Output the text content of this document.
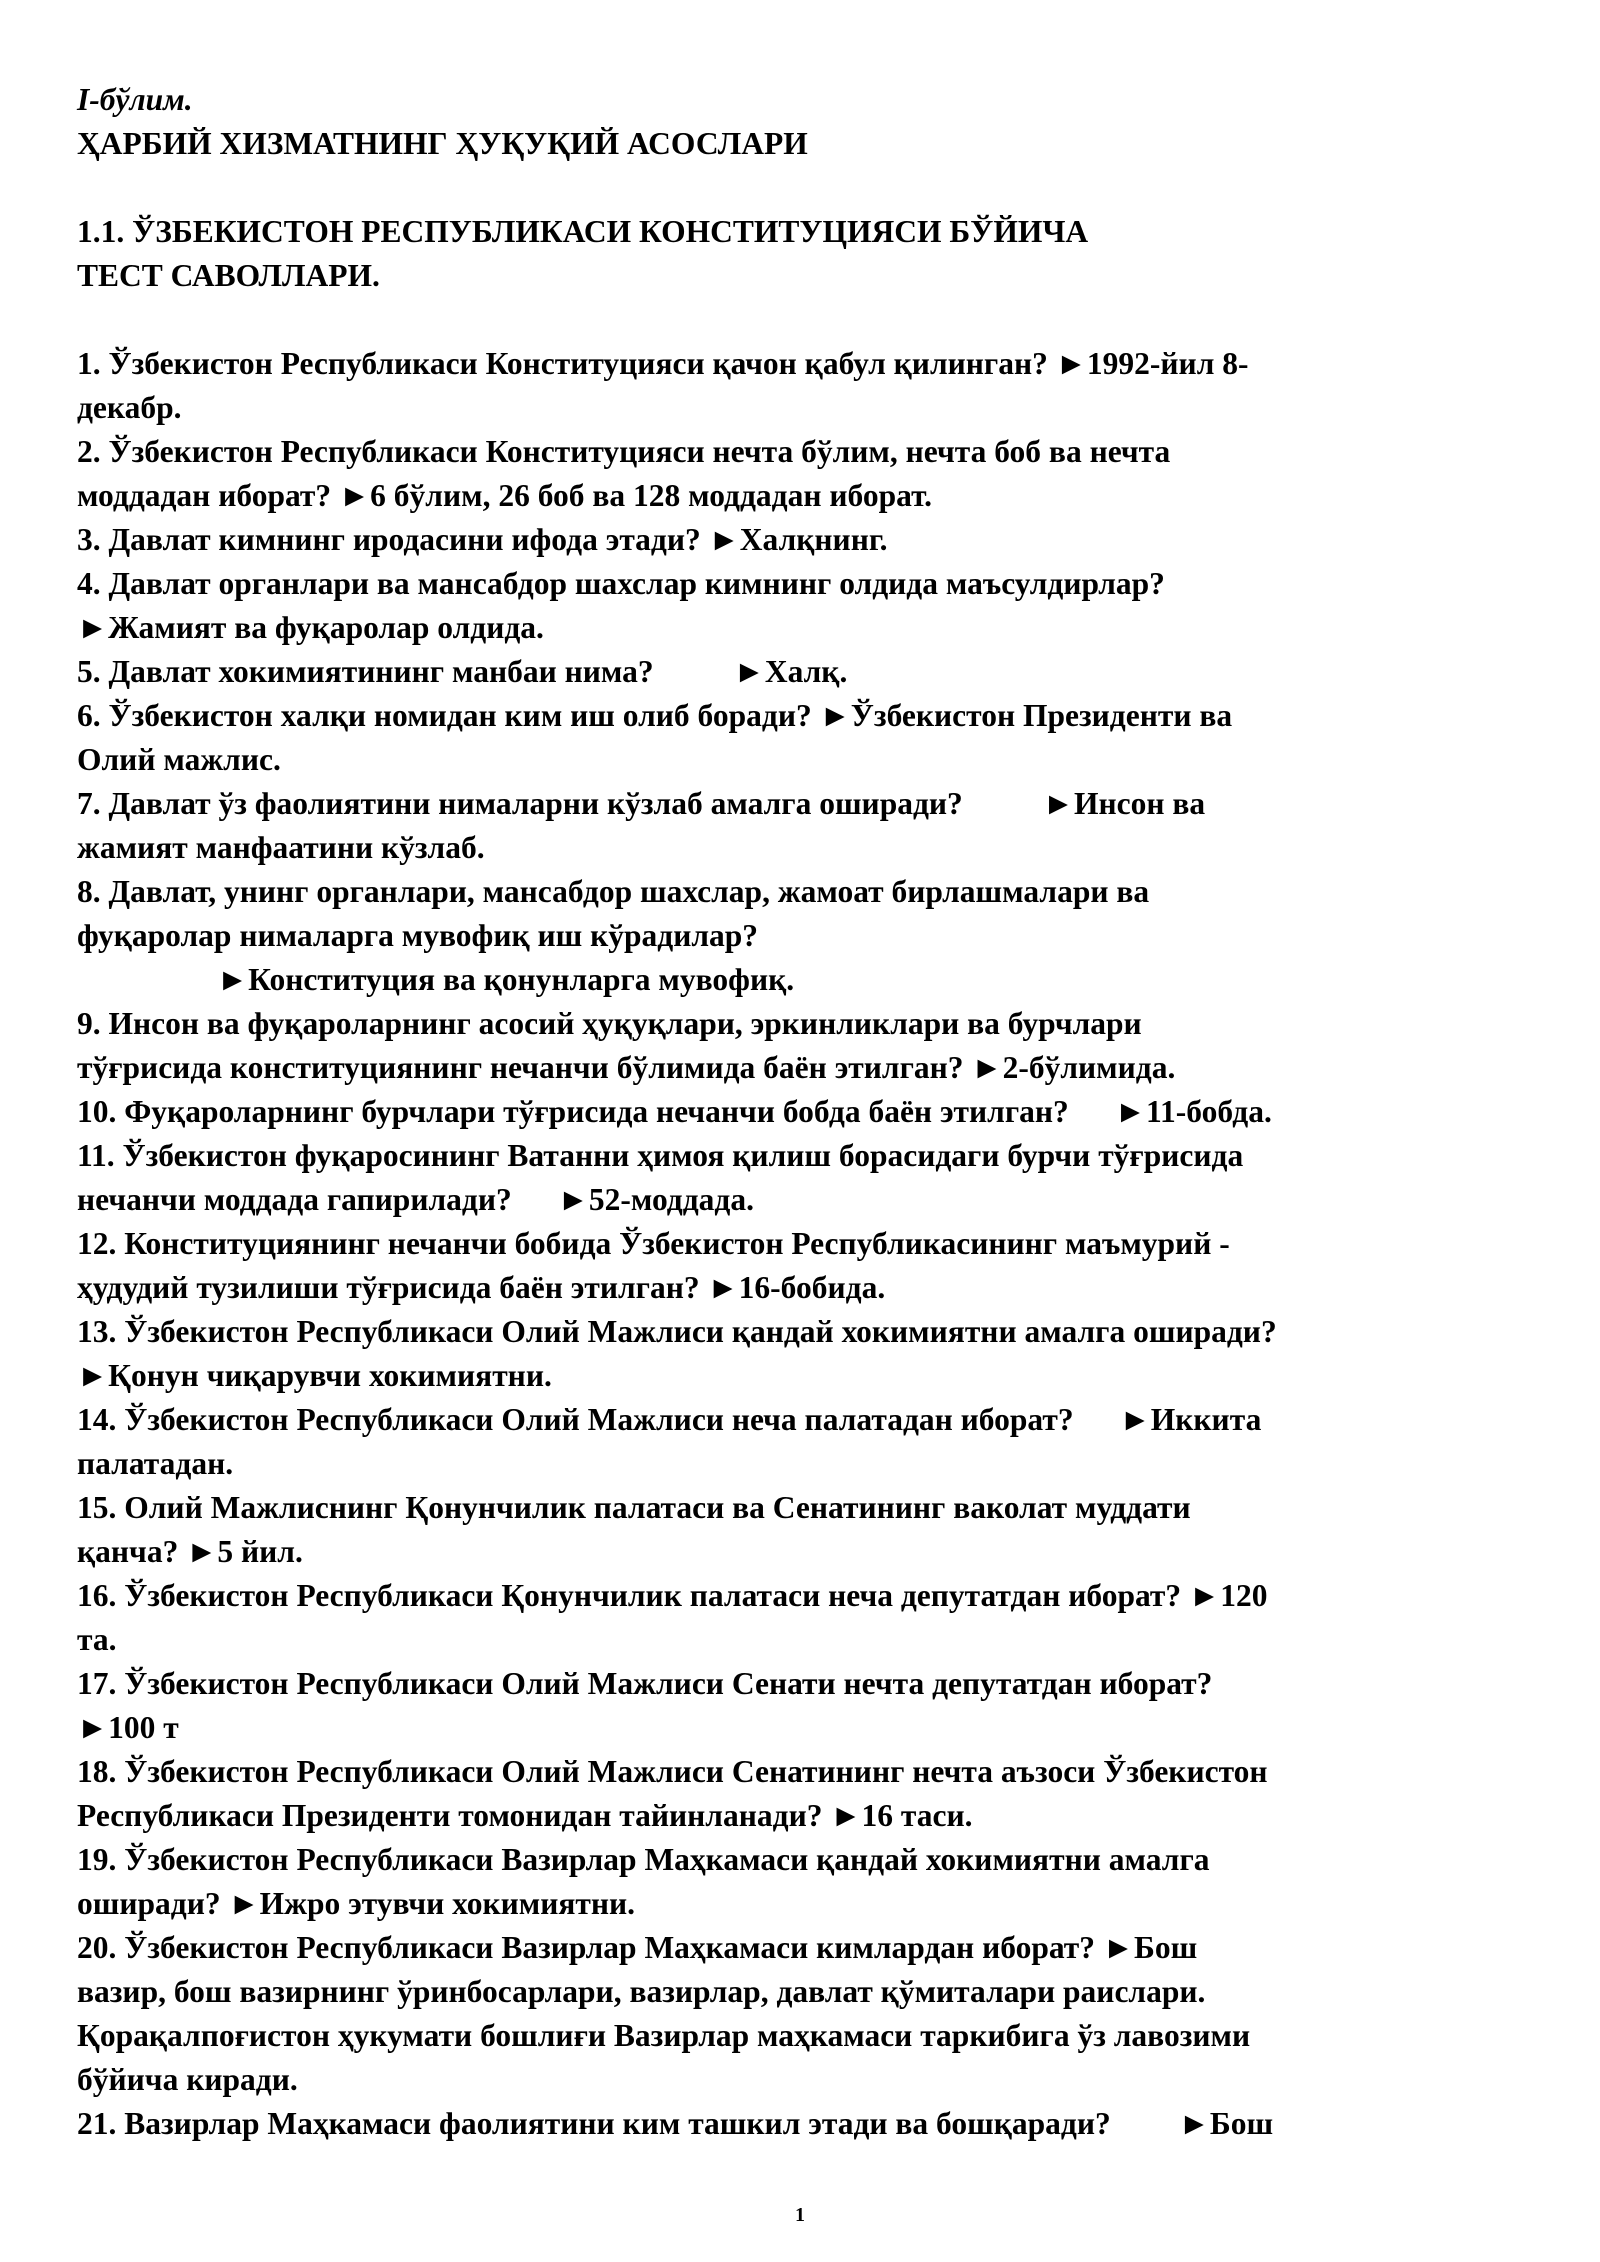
I-бўлим.
ҲАРБИЙ ХИЗМАТНИНГ ҲУҚУҚИЙ АСОСЛАРИ
1.1. ЎЗБЕКИСТОН РЕСПУБЛИКАСИ КОНСТИТУЦИЯСИ БЎЙИЧА
ТЕСТ САВОЛЛАРИ.
1. Ўзбекистон Республикаси Конституцияси қачон қабул қилинган? ►1992-йил 8-
декабр.
2. Ўзбекистон Республикаси Конституцияси нечта бўлим, нечта боб ва нечта
моддадан иборат? ►6 бўлим, 26 боб ва 128 моддадан иборат.
3. Давлат кимнинг иродасини ифода этади? ►Халқнинг.
4. Давлат органлари ва мансабдор шахслар кимнинг олдида маъсулдирлар?
►Жамият ва фуқаролар олдида.
5. Давлат хокимиятининг манбаи нима?	►Халқ.
6. Ўзбекистон халқи номидан ким иш олиб боради? ►Ўзбекистон Президенти ва
Олий мажлис.
7. Давлат ўз фаолиятини нималарни кўзлаб амалга оширади?	►Инсон ва
жамият манфаатини кўзлаб.
8. Давлат, унинг органлари, мансабдор шахслар, жамоат бирлашмалари ва
фуқаролар нималарга мувофиқ иш кўрадилар?
►Конституция ва қонунларга мувофиқ.
9. Инсон ва фуқароларнинг асосий ҳуқуқлари, эркинликлари ва бурчлари
тўғрисида конституциянинг нечанчи бўлимида баён этилган? ►2-бўлимида.
10. Фуқароларнинг бурчлари тўғрисида нечанчи бобда баён этилган? ►11-бобда.
11. Ўзбекистон фуқаросининг Ватанни ҳимоя қилиш борасидаги бурчи тўғрисида
нечанчи моддада гапирилади? ►52-моддада.
12. Конституциянинг нечанчи бобида Ўзбекистон Республикасининг маъмурий -
ҳудудий тузилиши тўғрисида баён этилган? ►16-бобида.
13. Ўзбекистон Республикаси Олий Мажлиси қандай хокимиятни амалга оширади?
►Қонун чиқарувчи хокимиятни.
14. Ўзбекистон Республикаси Олий Мажлиси неча палатадан иборат? ►Иккита
палатадан.
15. Олий Мажлиснинг Қонунчилик палатаси ва Сенатининг ваколат муддати
қанча? ►5 йил.
16. Ўзбекистон Республикаси Қонунчилик палатаси неча депутатдан иборат? ►120
та.
17. Ўзбекистон Республикаси Олий Мажлиси Сенати нечта депутатдан иборат?
►100 т
18. Ўзбекистон Республикаси Олий Мажлиси Сенатининг нечта аъзоси Ўзбекистон
Республикаси Президенти томонидан тайинланади? ►16 таси.
19. Ўзбекистон Республикаси Вазирлар Маҳкамаси қандай хокимиятни амалга
оширади? ►Ижро этувчи хокимиятни.
20. Ўзбекистон Республикаси Вазирлар Маҳкамаси кимлардан иборат? ►Бош
вазир, бош вазирнинг ўринбосарлари, вазирлар, давлат қўмиталари раислари.
Қорақалпоғистон ҳукумати бошлиғи Вазирлар маҳкамаси таркибига ўз лавозими
бўйича киради.
21. Вазирлар Маҳкамаси фаолиятини ким ташкил этади ва бошқаради? ►Бош
1
